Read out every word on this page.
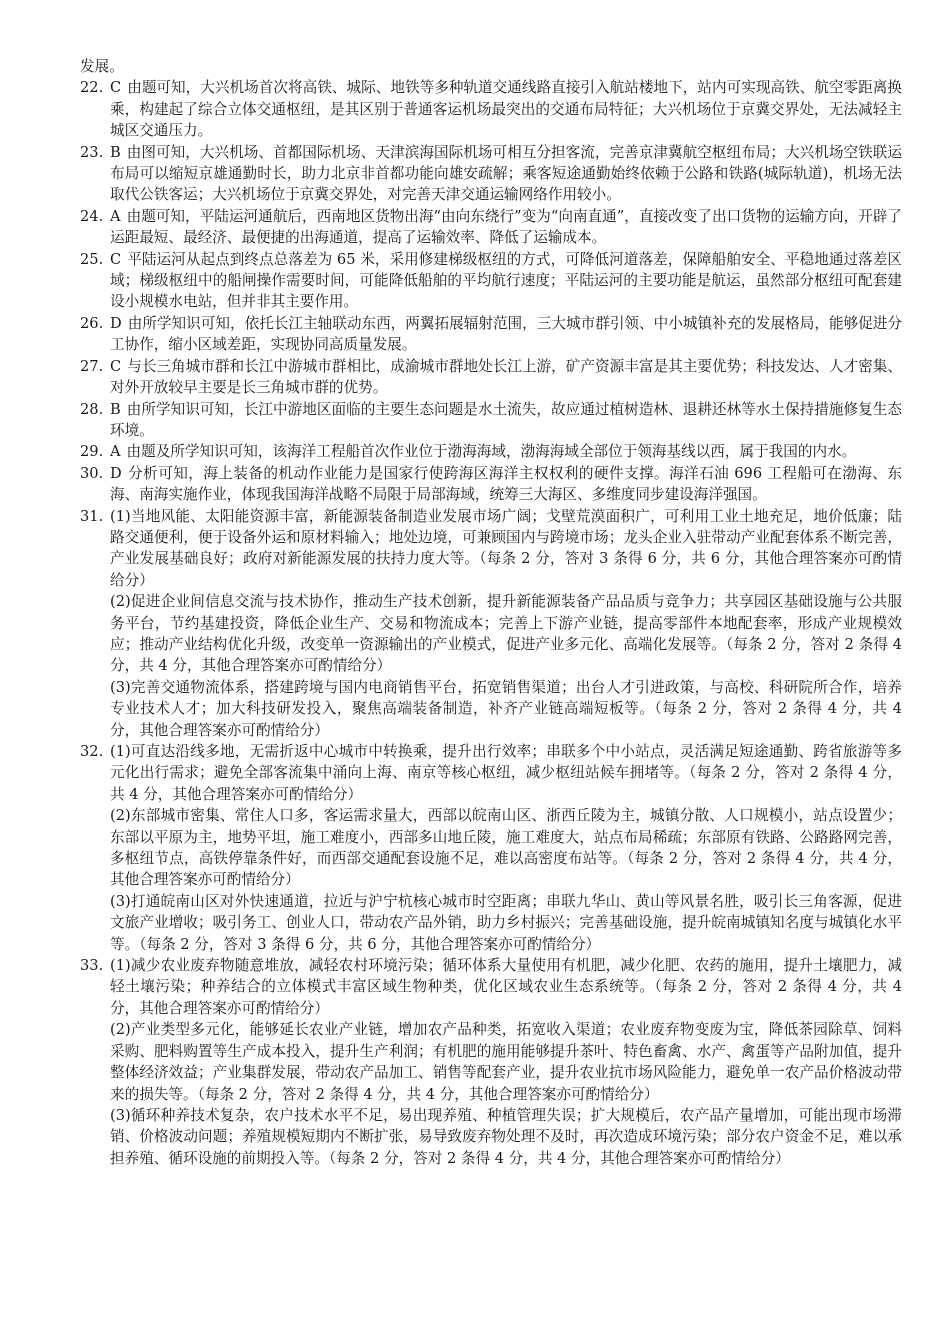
发展。

22. C 由题可知，大兴机场首次将高铁、城际、地铁等多种轨道交通线路直接引入航站楼地下，站内可实现高铁、航空零距离换乘，构建起了综合立体交通枢纽，是其区别于普通客运机场最突出的交通布局特征；大兴机场位于京冀交界处，无法减轻主城区交通压力。

23. B 由图可知，大兴机场、首都国际机场、天津滨海国际机场可相互分担客流，完善京津冀航空枢纽布局；大兴机场空铁联运布局可以缩短京雄通勤时长，助力北京非首都功能向雄安疏解；乘客短途通勤始终依赖于公路和铁路(城际轨道)，机场无法取代公铁客运；大兴机场位于京冀交界处，对完善天津交通运输网络作用较小。

24. A 由题可知，平陆运河通航后，西南地区货物出海“由向东绕行”变为“向南直通”，直接改变了出口货物的运输方向，开辟了运距最短、最经济、最便捷的出海通道，提高了运输效率、降低了运输成本。

25. C 平陆运河从起点到终点总落差为 65 米，采用修建梯级枢纽的方式，可降低河道落差，保障船舶安全、平稳地通过落差区域；梯级枢纽中的船闸操作需要时间，可能降低船舶的平均航行速度；平陆运河的主要功能是航运，虽然部分枢纽可配套建设小规模水电站，但并非其主要作用。

26. D 由所学知识可知，依托长江主轴联动东西，两翼拓展辐射范围，三大城市群引领、中小城镇补充的发展格局，能够促进分工协作，缩小区域差距，实现协同高质量发展。

27. C 与长三角城市群和长江中游城市群相比，成渝城市群地处长江上游，矿产资源丰富是其主要优势；科技发达、人才密集、对外开放较早主要是长三角城市群的优势。

28. B 由所学知识可知，长江中游地区面临的主要生态问题是水土流失，故应通过植树造林、退耕还林等水土保持措施修复生态环境。

29. A 由题及所学知识可知，该海洋工程船首次作业位于渤海海域，渤海海域全部位于领海基线以西，属于我国的内水。

30. D 分析可知，海上装备的机动作业能力是国家行使跨海区海洋主权权利的硬件支撑。海洋石油 696 工程船可在渤海、东海、南海实施作业，体现我国海洋战略不局限于局部海域，统筹三大海区、多维度同步建设海洋强国。

31. (1)当地风能、太阳能资源丰富，新能源装备制造业发展市场广阔；戈壁荒漠面积广，可利用工业土地充足，地价低廉；陆路交通便利，便于设备外运和原材料输入；地处边境，可兼顾国内与跨境市场；龙头企业入驻带动产业配套体系不断完善，产业发展基础良好；政府对新能源发展的扶持力度大等。（每条 2 分，答对 3 条得 6 分，共 6 分，其他合理答案亦可酌情给分）

(2)促进企业间信息交流与技术协作，推动生产技术创新，提升新能源装备产品品质与竞争力；共享园区基础设施与公共服务平台，节约基建投资，降低企业生产、交易和物流成本；完善上下游产业链，提高零部件本地配套率，形成产业规模效应；推动产业结构优化升级，改变单一资源输出的产业模式，促进产业多元化、高端化发展等。（每条 2 分，答对 2 条得 4 分，共 4 分，其他合理答案亦可酌情给分）

(3)完善交通物流体系，搭建跨境与国内电商销售平台，拓宽销售渠道；出台人才引进政策，与高校、科研院所合作，培养专业技术人才；加大科技研发投入，聚焦高端装备制造，补齐产业链高端短板等。（每条 2 分，答对 2 条得 4 分，共 4 分，其他合理答案亦可酌情给分）

32. (1)可直达沿线多地，无需折返中心城市中转换乘，提升出行效率；串联多个中小站点，灵活满足短途通勤、跨省旅游等多元化出行需求；避免全部客流集中涌向上海、南京等核心枢纽，减少枢纽站候车拥堵等。（每条 2 分，答对 2 条得 4 分，共 4 分，其他合理答案亦可酌情给分）

(2)东部城市密集、常住人口多，客运需求量大，西部以皖南山区、浙西丘陵为主，城镇分散、人口规模小，站点设置少；东部以平原为主，地势平坦，施工难度小，西部多山地丘陵，施工难度大，站点布局稀疏；东部原有铁路、公路路网完善，多枢纽节点，高铁停靠条件好，而西部交通配套设施不足，难以高密度布站等。（每条 2 分，答对 2 条得 4 分，共 4 分，其他合理答案亦可酌情给分）

(3)打通皖南山区对外快速通道，拉近与沪宁杭核心城市时空距离；串联九华山、黄山等风景名胜，吸引长三角客源，促进文旅产业增收；吸引务工、创业人口，带动农产品外销，助力乡村振兴；完善基础设施，提升皖南城镇知名度与城镇化水平等。（每条 2 分，答对 3 条得 6 分，共 6 分，其他合理答案亦可酌情给分）

33. (1)减少农业废弃物随意堆放，减轻农村环境污染；循环体系大量使用有机肥，减少化肥、农药的施用，提升土壤肥力，减轻土壤污染；种养结合的立体模式丰富区域生物种类，优化区域农业生态系统等。（每条 2 分，答对 2 条得 4 分，共 4 分，其他合理答案亦可酌情给分）

(2)产业类型多元化，能够延长农业产业链，增加农产品种类，拓宽收入渠道；农业废弃物变废为宝，降低茶园除草、饲料采购、肥料购置等生产成本投入，提升生产利润；有机肥的施用能够提升茶叶、特色畜禽、水产、禽蛋等产品附加值，提升整体经济效益；产业集群发展，带动农产品加工、销售等配套产业，提升农业抗市场风险能力，避免单一农产品价格波动带来的损失等。（每条 2 分，答对 2 条得 4 分，共 4 分，其他合理答案亦可酌情给分）

(3)循环种养技术复杂，农户技术水平不足，易出现养殖、种植管理失误；扩大规模后，农产品产量增加，可能出现市场滞销、价格波动问题；养殖规模短期内不断扩张，易导致废弃物处理不及时，再次造成环境污染；部分农户资金不足，难以承担养殖、循环设施的前期投入等。（每条 2 分，答对 2 条得 4 分，共 4 分，其他合理答案亦可酌情给分）
